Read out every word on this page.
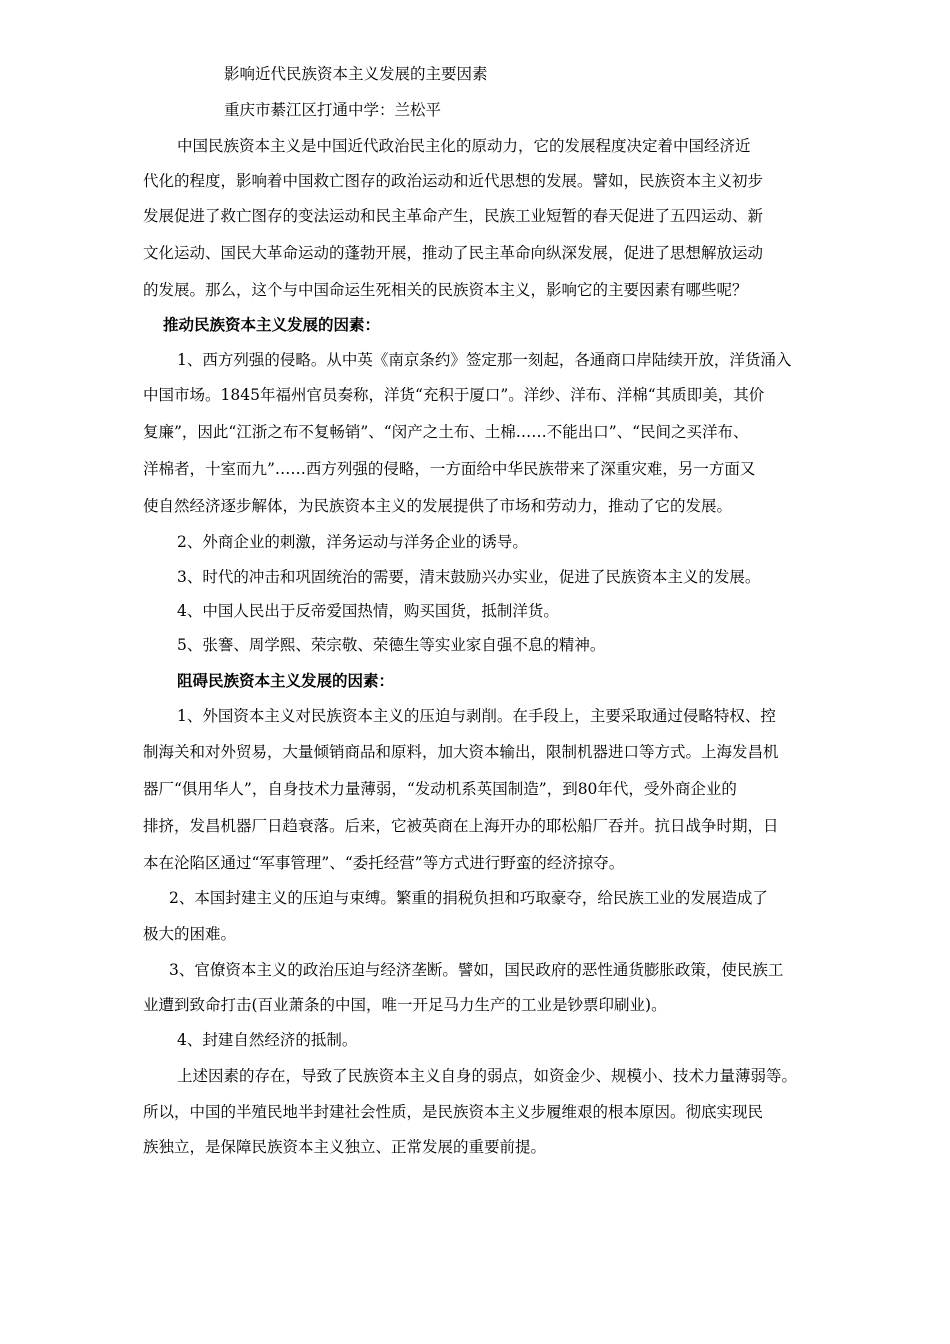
影响近代民族资本主义发展的主要因素
重庆市綦江区打通中学：兰松平
中国民族资本主义是中国近代政治民主化的原动力，它的发展程度决定着中国经济近
代化的程度，影响着中国救亡图存的政治运动和近代思想的发展。譬如，民族资本主义初步
发展促进了救亡图存的变法运动和民主革命产生，民族工业短暂的春天促进了五四运动、新
文化运动、国民大革命运动的蓬勃开展，推动了民主革命向纵深发展，促进了思想解放运动
的发展。那么，这个与中国命运生死相关的民族资本主义，影响它的主要因素有哪些呢？
推动民族资本主义发展的因素：
1、西方列强的侵略。从中英《南京条约》签定那一刻起，各通商口岸陆续开放，洋货涌入
中国市场。1845年福州官员奏称，洋货“充积于厦口”。洋纱、洋布、洋棉“其质即美，其价
复廉”，因此“江浙之布不复畅销”、“闵产之土布、土棉……不能出口”、“民间之买洋布、
洋棉者，十室而九”……西方列强的侵略，一方面给中华民族带来了深重灾难，另一方面又
使自然经济逐步解体，为民族资本主义的发展提供了市场和劳动力，推动了它的发展。
2、外商企业的刺激，洋务运动与洋务企业的诱导。
3、时代的冲击和巩固统治的需要，清末鼓励兴办实业，促进了民族资本主义的发展。
4、中国人民出于反帝爱国热情，购买国货，抵制洋货。
5、张謇、周学熙、荣宗敬、荣德生等实业家自强不息的精神。
阻碍民族资本主义发展的因素：
1、外国资本主义对民族资本主义的压迫与剥削。在手段上，主要采取通过侵略特权、控
制海关和对外贸易，大量倾销商品和原料，加大资本输出，限制机器进口等方式。上海发昌机
器厂“俱用华人”，自身技术力量薄弱，“发动机系英国制造”，到80年代，受外商企业的
排挤，发昌机器厂日趋衰落。后来，它被英商在上海开办的耶松船厂吞并。抗日战争时期，日
本在沦陷区通过“军事管理”、“委托经营”等方式进行野蛮的经济掠夺。
2、本国封建主义的压迫与束缚。繁重的捐税负担和巧取豪夺，给民族工业的发展造成了
极大的困难。
3、官僚资本主义的政治压迫与经济垄断。譬如，国民政府的恶性通货膨胀政策，使民族工
业遭到致命打击(百业萧条的中国，唯一开足马力生产的工业是钞票印刷业)。
4、封建自然经济的抵制。
上述因素的存在，导致了民族资本主义自身的弱点，如资金少、规模小、技术力量薄弱等。
所以，中国的半殖民地半封建社会性质，是民族资本主义步履维艰的根本原因。彻底实现民
族独立，是保障民族资本主义独立、正常发展的重要前提。
